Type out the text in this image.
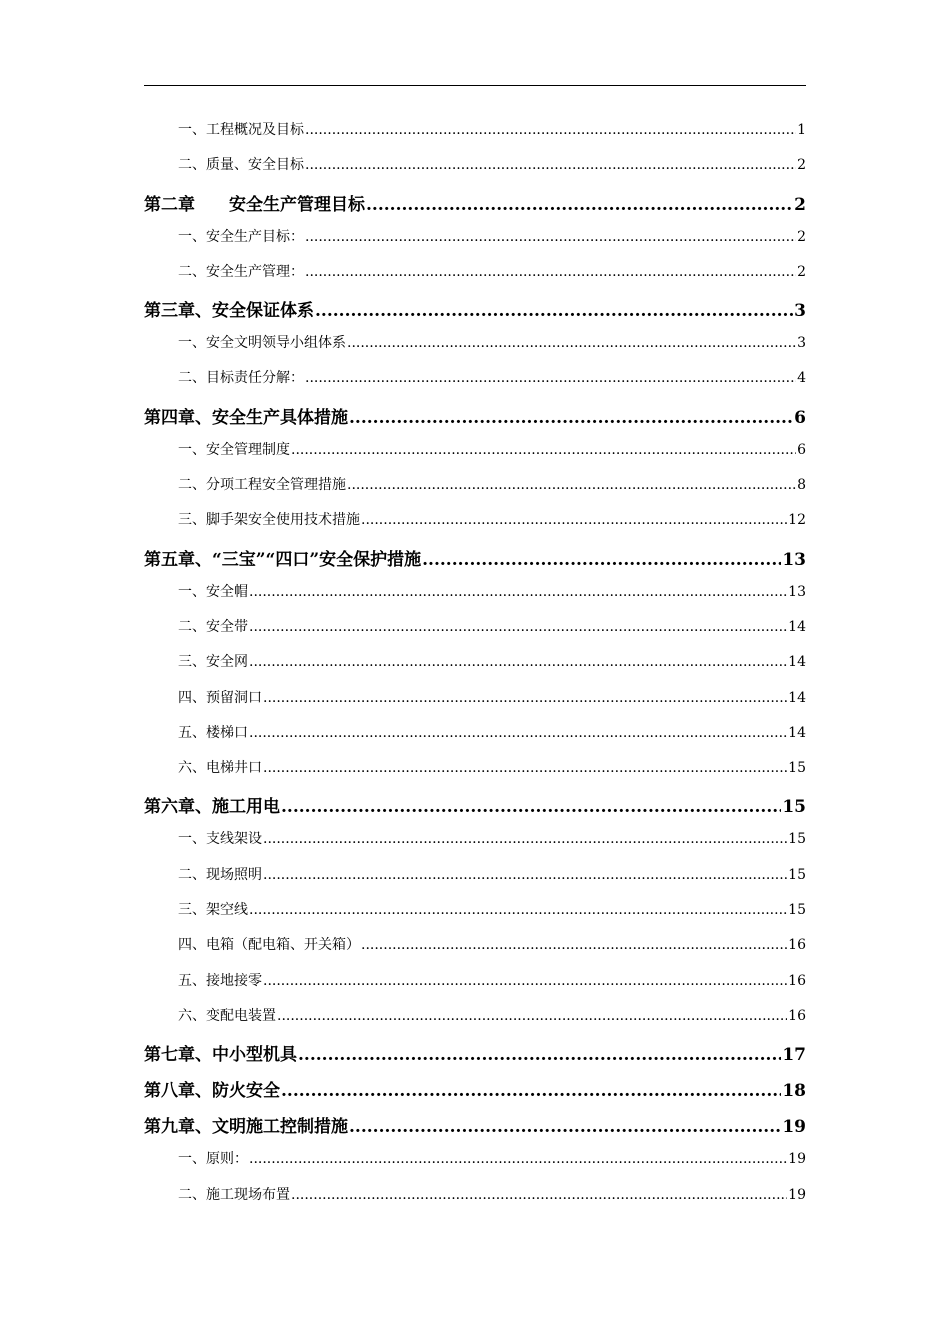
一、工程概况及目标 .....	1
二、质量、安全目标 .....	2
第二章　　安全生产管理目标 .....	2
一、安全生产目标： .....	2
二、安全生产管理： .....	2
第三章、安全保证体系 .....	3
一、安全文明领导小组体系 .....	3
二、目标责任分解： .....	4
第四章、安全生产具体措施 .....	6
一、安全管理制度 .....	6
二、分项工程安全管理措施 .....	8
三、脚手架安全使用技术措施 .....	12
第五章、“三宝”“四口”安全保护措施 .....	13
一、安全帽 .....	13
二、安全带 .....	14
三、安全网 .....	14
四、预留洞口 .....	14
五、楼梯口 .....	14
六、电梯井口 .....	15
第六章、施工用电 .....	15
一、支线架设 .....	15
二、现场照明 .....	15
三、架空线 .....	15
四、电箱（配电箱、开关箱） .....	16
五、接地接零 .....	16
六、变配电装置 .....	16
第七章、中小型机具 .....	17
第八章、防火安全 .....	18
第九章、文明施工控制措施 .....	19
一、原则： .....	19
二、施工现场布置 .....	19
